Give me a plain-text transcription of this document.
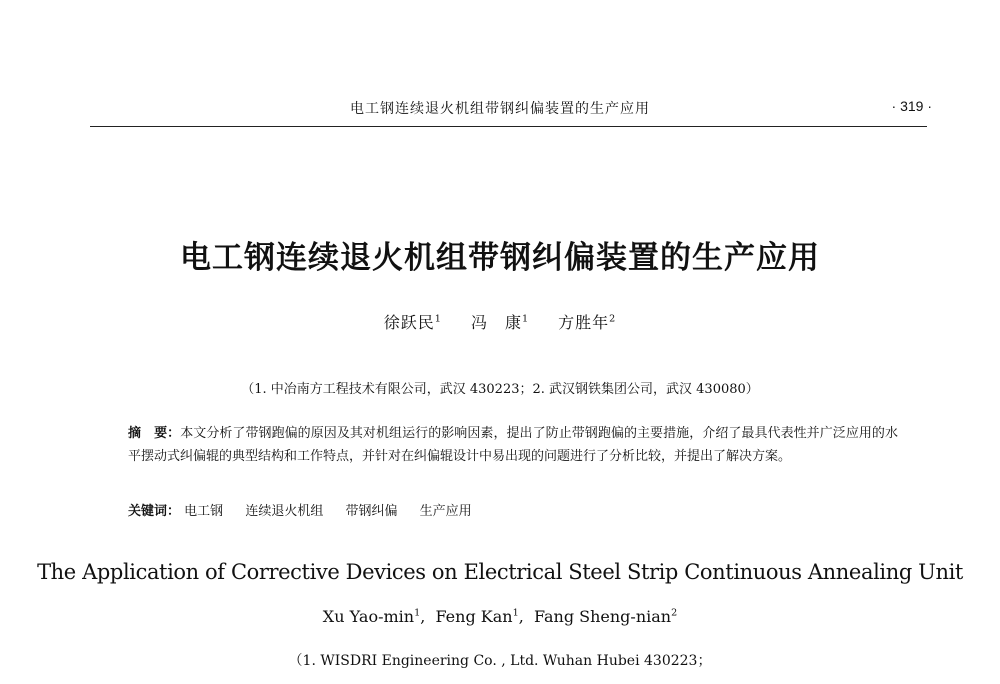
电工钢连续退火机组带钢纠偏装置的生产应用	· 319 ·
电工钢连续退火机组带钢纠偏装置的生产应用
徐跃民$^1$ 冯　康$^1$ 方胜年$^2$
（1. 中冶南方工程技术有限公司，武汉 430223；2. 武汉钢铁集团公司，武汉 430080）
摘　要：本文分析了带钢跑偏的原因及其对机组运行的影响因素，提出了防止带钢跑偏的主要措施，介绍了最具代表性并广泛应用的水平摆动式纠偏辊的典型结构和工作特点，并针对在纠偏辊设计中易出现的问题进行了分析比较，并提出了解决方案。
关键词： 电工钢 连续退火机组 带钢纠偏 生产应用
The Application of Corrective Devices on Electrical Steel Strip Continuous Annealing Unit
Xu Yao-$\min^1$,  Feng Kan$^1$,  Fang Sheng-nian$^2$
（1. WISDRI Engineering Co. , Ltd. Wuhan Hubei 430223；
